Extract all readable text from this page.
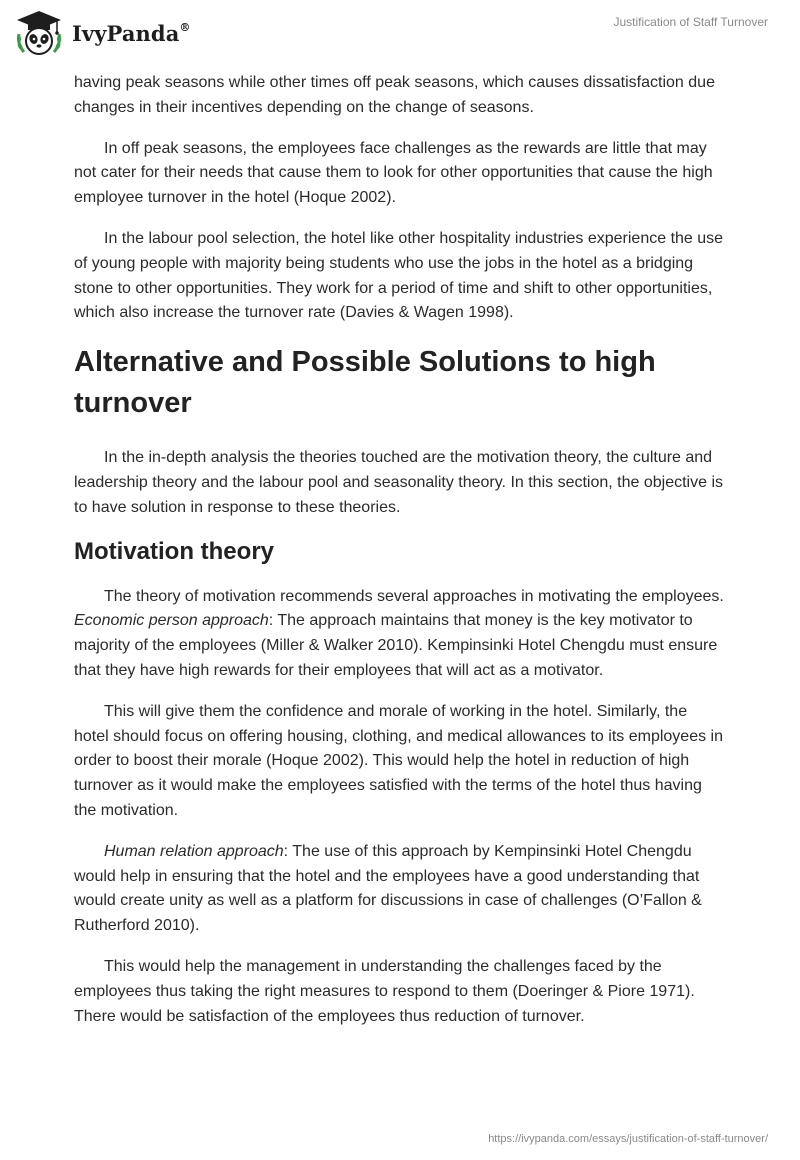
IvyPanda®	Justification of Staff Turnover

having peak seasons while other times off peak seasons, which causes dissatisfaction due changes in their incentives depending on the change of seasons.

In off peak seasons, the employees face challenges as the rewards are little that may not cater for their needs that cause them to look for other opportunities that cause the high employee turnover in the hotel (Hoque 2002).

In the labour pool selection, the hotel like other hospitality industries experience the use of young people with majority being students who use the jobs in the hotel as a bridging stone to other opportunities. They work for a period of time and shift to other opportunities, which also increase the turnover rate (Davies & Wagen 1998).

Alternative and Possible Solutions to high turnover

In the in-depth analysis the theories touched are the motivation theory, the culture and leadership theory and the labour pool and seasonality theory. In this section, the objective is to have solution in response to these theories.

Motivation theory

The theory of motivation recommends several approaches in motivating the employees. Economic person approach: The approach maintains that money is the key motivator to majority of the employees (Miller & Walker 2010). Kempinsinki Hotel Chengdu must ensure that they have high rewards for their employees that will act as a motivator.

This will give them the confidence and morale of working in the hotel. Similarly, the hotel should focus on offering housing, clothing, and medical allowances to its employees in order to boost their morale (Hoque 2002). This would help the hotel in reduction of high turnover as it would make the employees satisfied with the terms of the hotel thus having the motivation.

Human relation approach: The use of this approach by Kempinsinki Hotel Chengdu would help in ensuring that the hotel and the employees have a good understanding that would create unity as well as a platform for discussions in case of challenges (O’Fallon & Rutherford 2010).

This would help the management in understanding the challenges faced by the employees thus taking the right measures to respond to them (Doeringer & Piore 1971). There would be satisfaction of the employees thus reduction of turnover.

https://ivypanda.com/essays/justification-of-staff-turnover/
